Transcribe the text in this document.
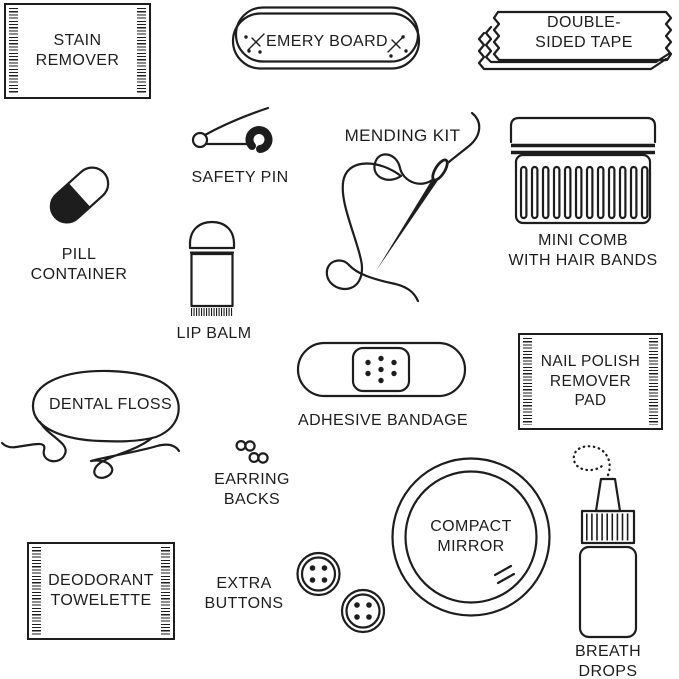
STAIN
REMOVER
EMERY BOARD
DOUBLE-
SIDED TAPE
SAFETY PIN
MENDING KIT
MINI COMB
WITH HAIR BANDS
PILL
CONTAINER
LIP BALM
DENTAL FLOSS
ADHESIVE BANDAGE
NAIL POLISH
REMOVER
PAD
EARRING
BACKS
COMPACT
MIRROR
DEODORANT
TOWELETTE
EXTRA
BUTTONS
BREATH
DROPS
